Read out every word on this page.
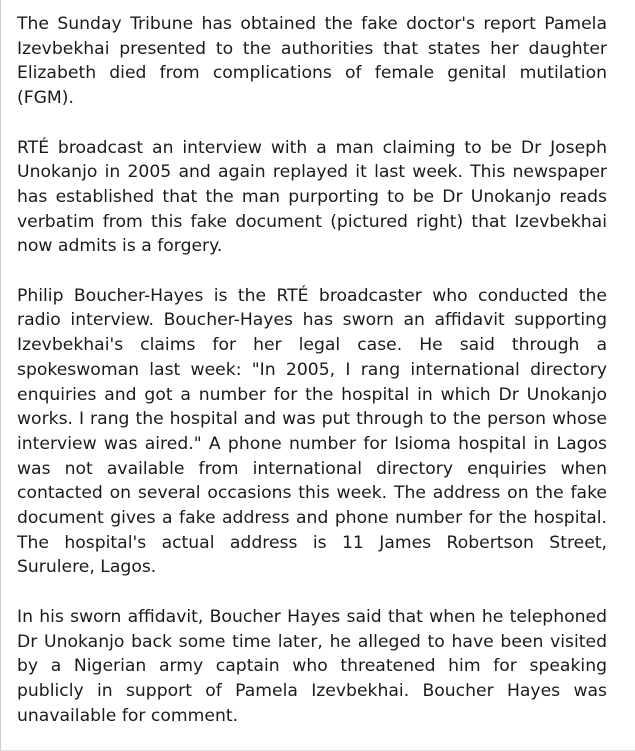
The Sunday Tribune has obtained the fake doctor's report Pamela Izevbekhai presented to the authorities that states her daughter Elizabeth died from complications of female genital mutilation (FGM).

RTÉ broadcast an interview with a man claiming to be Dr Joseph Unokanjo in 2005 and again replayed it last week. This newspaper has established that the man purporting to be Dr Unokanjo reads verbatim from this fake document (pictured right) that Izevbekhai now admits is a forgery.

Philip Boucher-Hayes is the RTÉ broadcaster who conducted the radio interview. Boucher-Hayes has sworn an affidavit supporting Izevbekhai's claims for her legal case. He said through a spokeswoman last week: "In 2005, I rang international directory enquiries and got a number for the hospital in which Dr Unokanjo works. I rang the hospital and was put through to the person whose interview was aired." A phone number for Isioma hospital in Lagos was not available from international directory enquiries when contacted on several occasions this week. The address on the fake document gives a fake address and phone number for the hospital. The hospital's actual address is 11 James Robertson Street, Surulere, Lagos.

In his sworn affidavit, Boucher Hayes said that when he telephoned Dr Unokanjo back some time later, he alleged to have been visited by a Nigerian army captain who threatened him for speaking publicly in support of Pamela Izevbekhai. Boucher Hayes was unavailable for comment.
